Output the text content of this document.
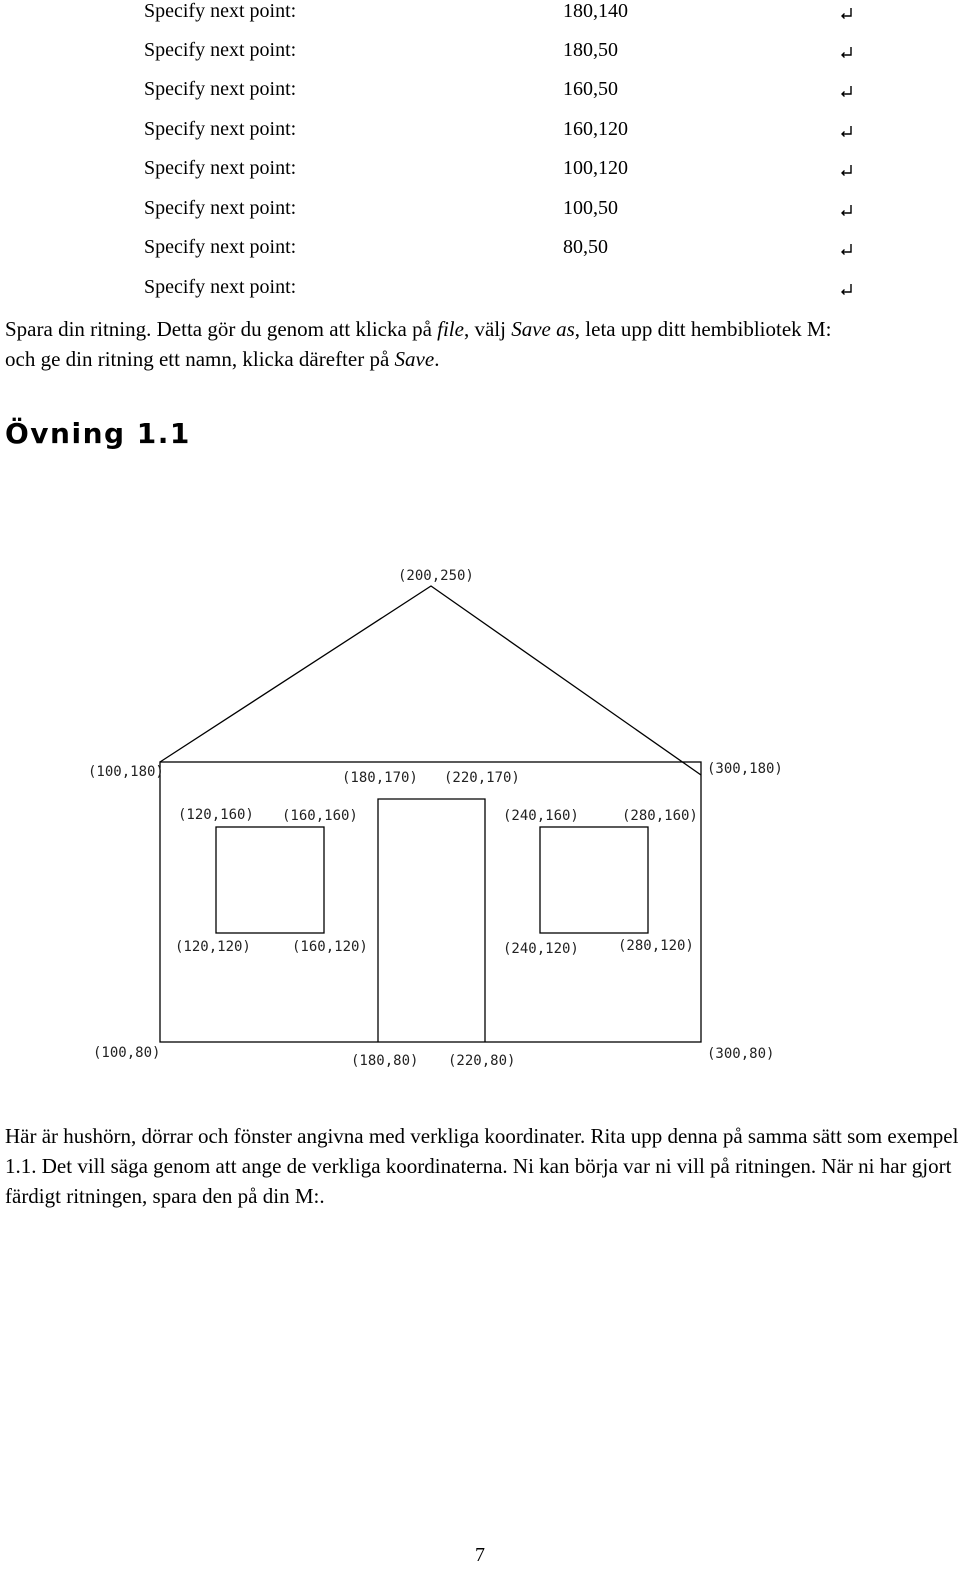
Specify next point:	180,140
Specify next point:	180,50
Specify next point:	160,50
Specify next point:	160,120
Specify next point:	100,120
Specify next point:	100,50
Specify next point:	80,50
Specify next point:

Spara din ritning. Detta gör du genom att klicka på file, välj Save as, leta upp ditt hembibliotek M: och ge din ritning ett namn, klicka därefter på Save.

Övning 1.1
(200,250)
(100,180)	(300,180)
(180,170) (220,170)
(120,160) (160,160)	(240,160)	(280,160)
(120,120)	(160,120)	(240,120)	(280,120)
(100,80)	(300,80)
(180,80) (220,80)

Här är hushörn, dörrar och fönster angivna med verkliga koordinater. Rita upp denna på samma sätt som exempel 1.1. Det vill säga genom att ange de verkliga koordinaterna. Ni kan börja var ni vill på ritningen. När ni har gjort färdigt ritningen, spara den på din M:.

7
